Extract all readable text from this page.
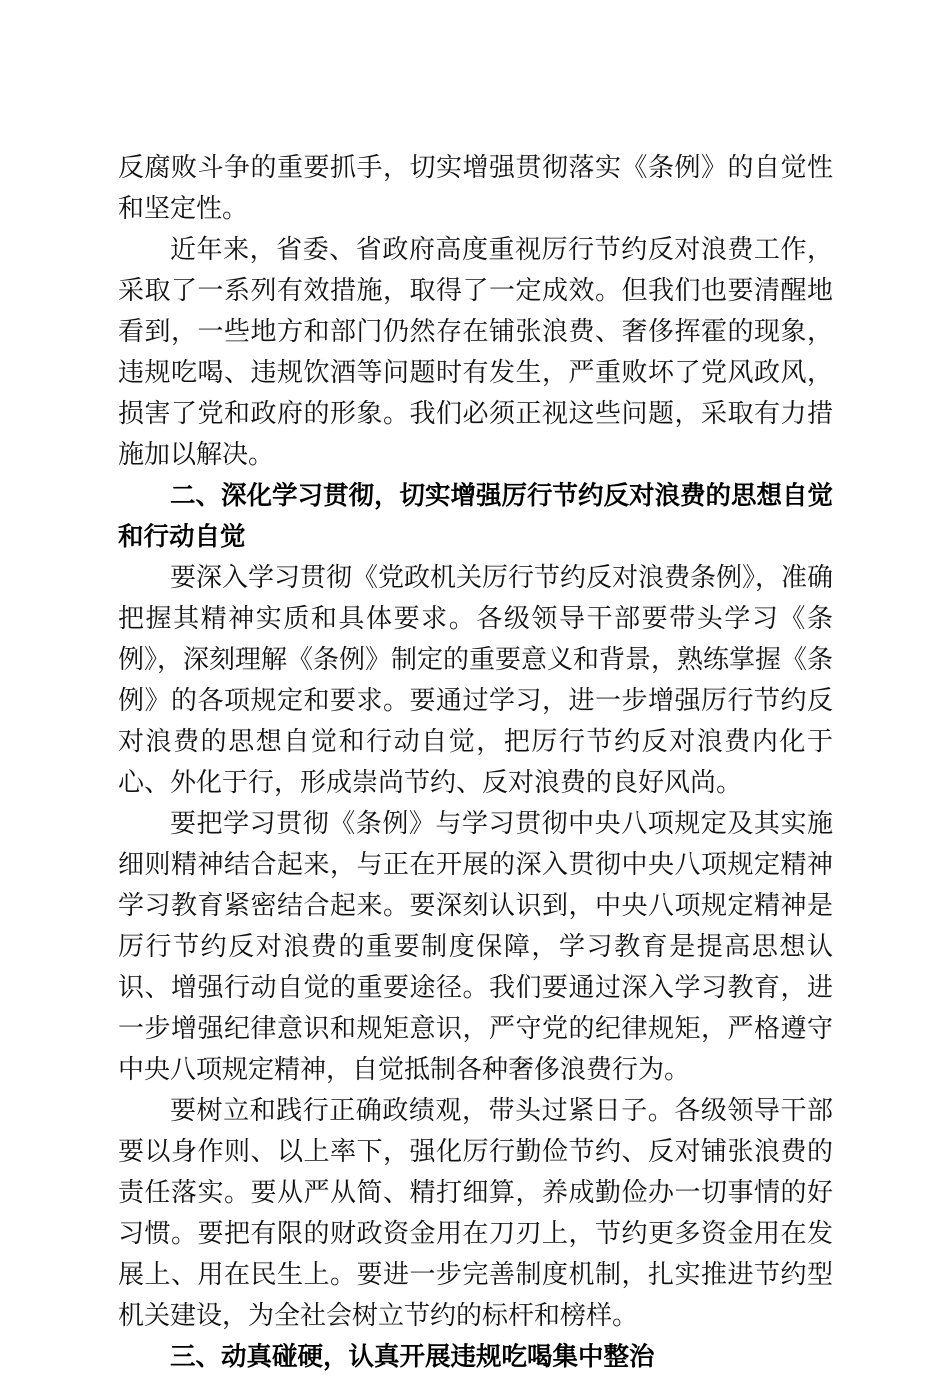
反腐败斗争的重要抓手，切实增强贯彻落实《条例》的自觉性和坚定性。

近年来，省委、省政府高度重视厉行节约反对浪费工作，采取了一系列有效措施，取得了一定成效。但我们也要清醒地看到，一些地方和部门仍然存在铺张浪费、奢侈挥霍的现象，违规吃喝、违规饮酒等问题时有发生，严重败坏了党风政风，损害了党和政府的形象。我们必须正视这些问题，采取有力措施加以解决。

二、深化学习贯彻，切实增强厉行节约反对浪费的思想自觉和行动自觉

要深入学习贯彻《党政机关厉行节约反对浪费条例》，准确把握其精神实质和具体要求。各级领导干部要带头学习《条例》，深刻理解《条例》制定的重要意义和背景，熟练掌握《条例》的各项规定和要求。要通过学习，进一步增强厉行节约反对浪费的思想自觉和行动自觉，把厉行节约反对浪费内化于心、外化于行，形成崇尚节约、反对浪费的良好风尚。

要把学习贯彻《条例》与学习贯彻中央八项规定及其实施细则精神结合起来，与正在开展的深入贯彻中央八项规定精神学习教育紧密结合起来。要深刻认识到，中央八项规定精神是厉行节约反对浪费的重要制度保障，学习教育是提高思想认识、增强行动自觉的重要途径。我们要通过深入学习教育，进一步增强纪律意识和规矩意识，严守党的纪律规矩，严格遵守中央八项规定精神，自觉抵制各种奢侈浪费行为。

要树立和践行正确政绩观，带头过紧日子。各级领导干部要以身作则、以上率下，强化厉行勤俭节约、反对铺张浪费的责任落实。要从严从简、精打细算，养成勤俭办一切事情的好习惯。要把有限的财政资金用在刀刃上，节约更多资金用在发展上、用在民生上。要进一步完善制度机制，扎实推进节约型机关建设，为全社会树立节约的标杆和榜样。

三、动真碰硬，认真开展违规吃喝集中整治
